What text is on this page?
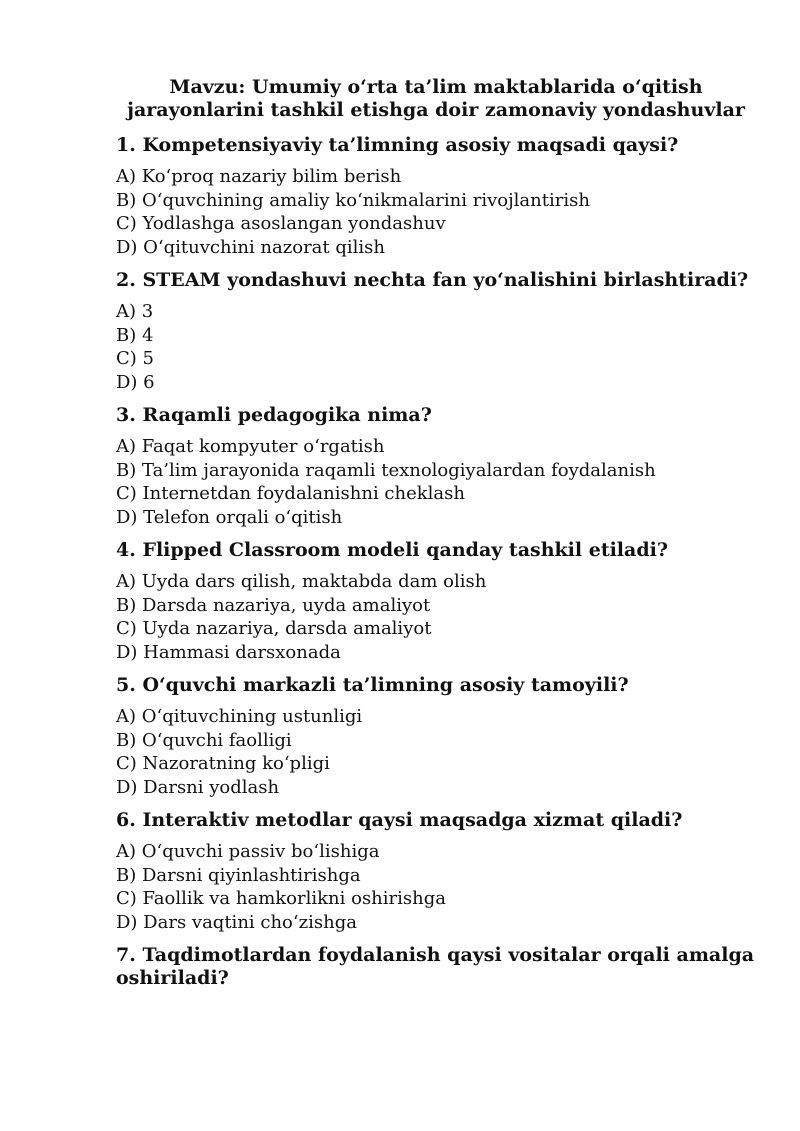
Mavzu: Umumiy o‘rta ta’lim maktablarida o‘qitish
jarayonlarini tashkil etishga doir zamonaviy yondashuvlar
1. Kompetensiyaviy ta’limning asosiy maqsadi qaysi?
A) Ko‘proq nazariy bilim berish
B) O‘quvchining amaliy ko‘nikmalarini rivojlantirish
C) Yodlashga asoslangan yondashuv
D) O‘qituvchini nazorat qilish
2. STEAM yondashuvi nechta fan yo‘nalishini birlashtiradi?
A) 3
B) 4
C) 5
D) 6
3. Raqamli pedagogika nima?
A) Faqat kompyuter o‘rgatish
B) Ta’lim jarayonida raqamli texnologiyalardan foydalanish
C) Internetdan foydalanishni cheklash
D) Telefon orqali o‘qitish
4. Flipped Classroom modeli qanday tashkil etiladi?
A) Uyda dars qilish, maktabda dam olish
B) Darsda nazariya, uyda amaliyot
C) Uyda nazariya, darsda amaliyot
D) Hammasi darsxonada
5. O‘quvchi markazli ta’limning asosiy tamoyili?
A) O‘qituvchining ustunligi
B) O‘quvchi faolligi
C) Nazoratning ko‘pligi
D) Darsni yodlash
6. Interaktiv metodlar qaysi maqsadga xizmat qiladi?
A) O‘quvchi passiv bo‘lishiga
B) Darsni qiyinlashtirishga
C) Faollik va hamkorlikni oshirishga
D) Dars vaqtini cho‘zishga
7. Taqdimotlardan foydalanish qaysi vositalar orqali amalga oshiriladi?
